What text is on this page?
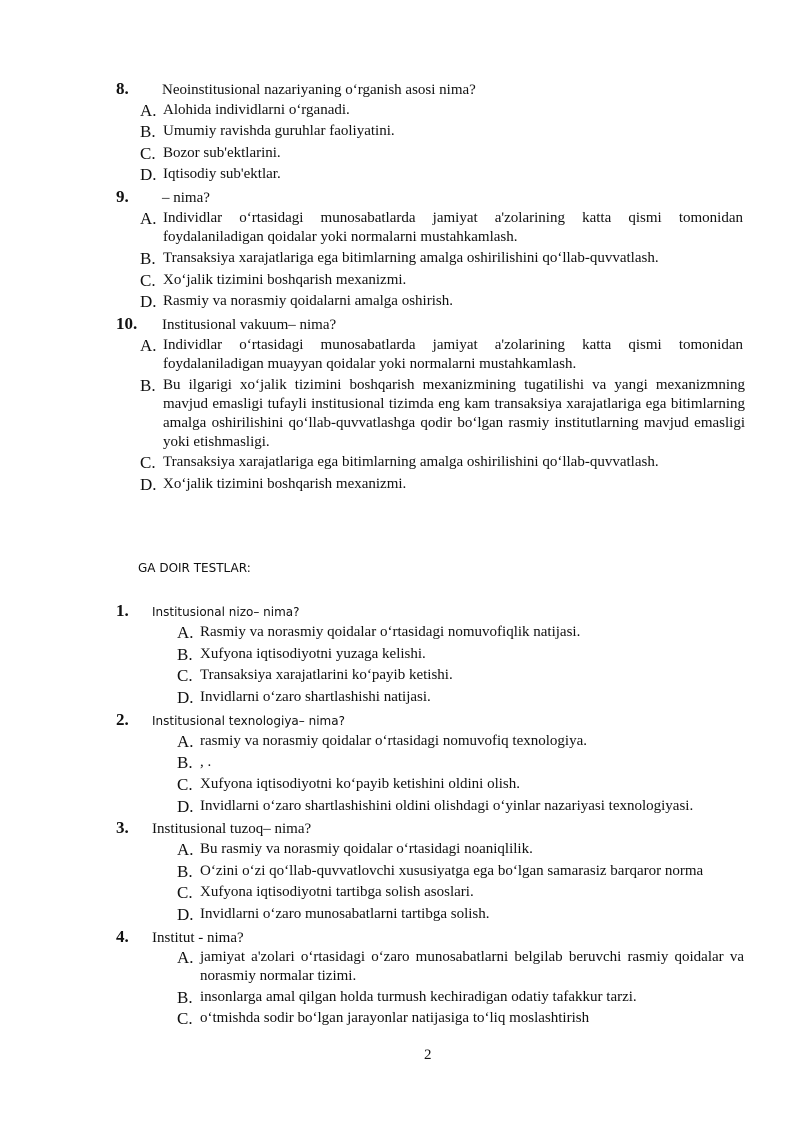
8.	Neoinstitusional nazariyaning o‘rganish asosi nima?
A. Alohida individlarni o‘rganadi.
B. Umumiy ravishda guruhlar faoliyatini.
C. Bozor sub'ektlarini.
D. Iqtisodiy sub'ektlar.
9.	– nima?
A. Individlar o‘rtasidagi munosabatlarda jamiyat a'zolarining katta qismi tomonidan foydalaniladigan qoidalar yoki normalarni mustahkamlash.
B. Transaksiya xarajatlariga ega bitimlarning amalga oshirilishini qo‘llab-quvvatlash.
C. Xo‘jalik tizimini boshqarish mexanizmi.
D. Rasmiy va norasmiy qoidalarni amalga oshirish.
10.	Institusional vakuum– nima?
A. Individlar o‘rtasidagi munosabatlarda jamiyat a'zolarining katta qismi tomonidan foydalaniladigan muayyan qoidalar yoki normalarni mustahkamlash.
B. Bu ilgarigi xo‘jalik tizimini boshqarish mexanizmining tugatilishi va yangi mexanizmning mavjud emasligi tufayli institusional tizimda eng kam transaksiya xarajatlariga ega bitimlarning amalga oshirilishini qo‘llab-quvvatlashga qodir bo‘lgan rasmiy institutlarning mavjud emasligi yoki etishmasligi.
C. Transaksiya xarajatlariga ega bitimlarning amalga oshirilishini qo‘llab-quvvatlash.
D. Xo‘jalik tizimini boshqarish mexanizmi.
GA DOIR TESTLAR:
1.	Institusional nizo– nima?
A. Rasmiy va norasmiy qoidalar o‘rtasidagi nomuvofiqlik natijasi.
B. Xufyona iqtisodiyotni yuzaga kelishi.
C. Transaksiya xarajatlarini ko‘payib ketishi.
D. Invidlarni o‘zaro shartlashishi natijasi.
2.	Institusional texnologiya– nima?
A. rasmiy va norasmiy qoidalar o‘rtasidagi nomuvofiq texnologiya.
B. , .
C. Xufyona iqtisodiyotni ko‘payib ketishini oldini olish.
D. Invidlarni o‘zaro shartlashishini oldini olishdagi o‘yinlar nazariyasi texnologiyasi.
3.	Institusional tuzoq– nima?
A. Bu rasmiy va norasmiy qoidalar o‘rtasidagi noaniqlilik.
B. O‘zini o‘zi qo‘llab-quvvatlovchi xususiyatga ega bo‘lgan samarasiz barqaror norma
C. Xufyona iqtisodiyotni tartibga solish asoslari.
D. Invidlarni o‘zaro munosabatlarni tartibga solish.
4.	Institut - nima?
A. jamiyat a'zolari o‘rtasidagi o‘zaro munosabatlarni belgilab beruvchi rasmiy qoidalar va norasmiy normalar tizimi.
B. insonlarga amal qilgan holda turmush kechiradigan odatiy tafakkur tarzi.
C. o‘tmishda sodir bo‘lgan jarayonlar natijasiga to‘liq moslashtirish
2
